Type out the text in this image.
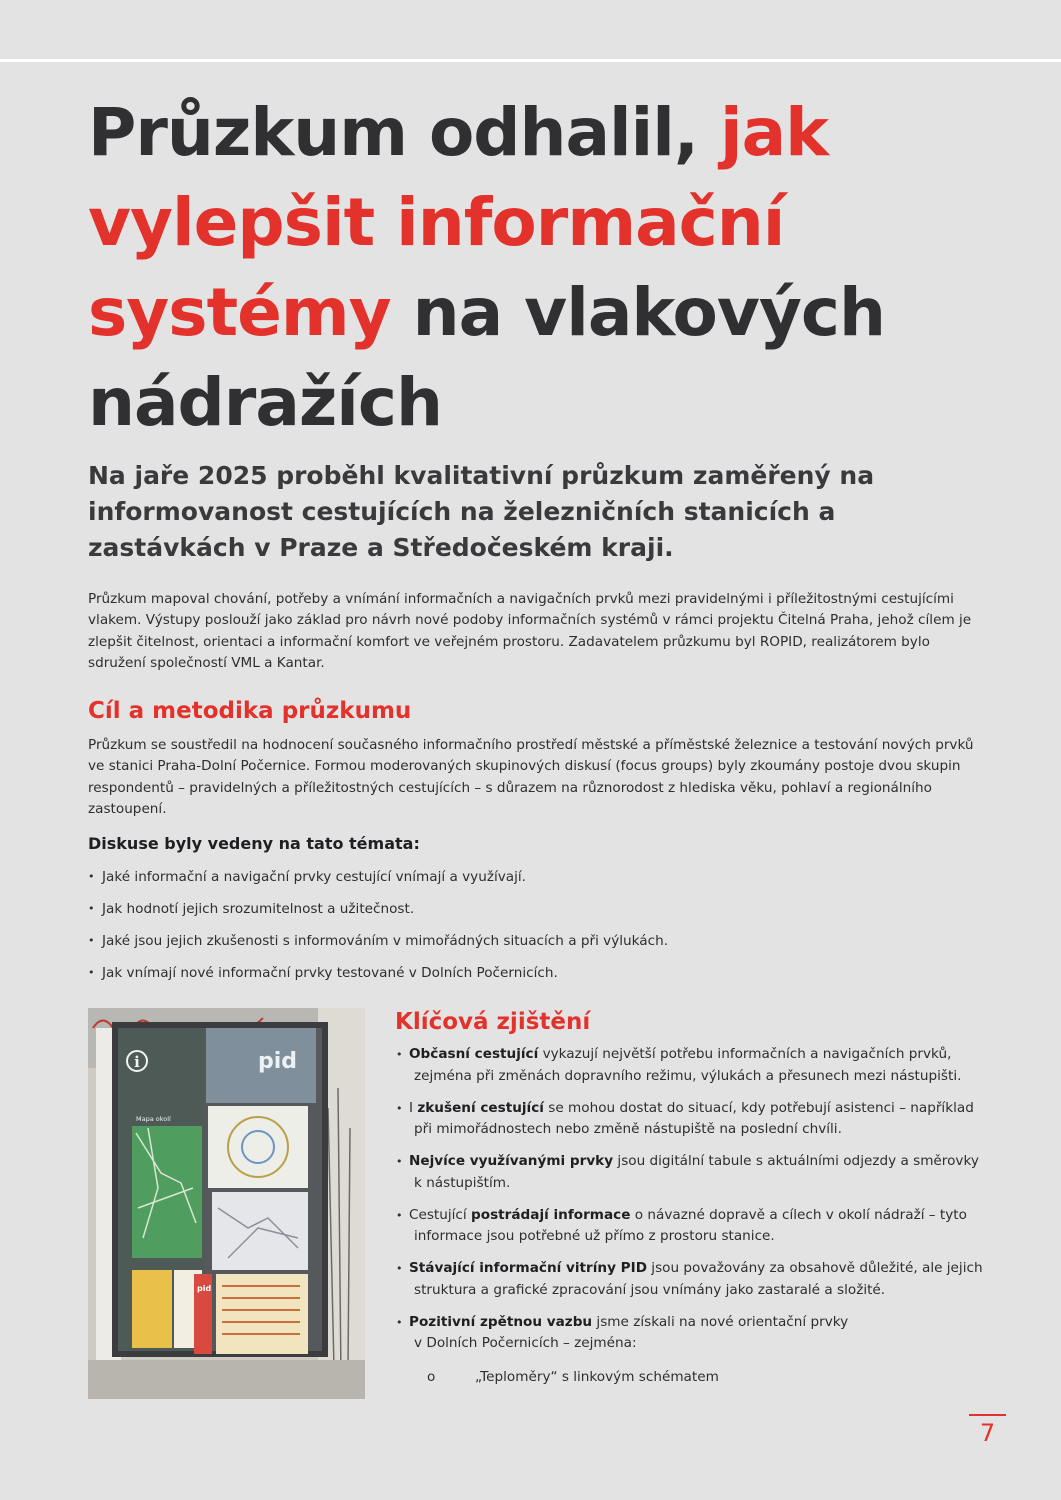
Průzkum odhalil, jak vylepšit informační systémy na vlakových nádražích

Na jaře 2025 proběhl kvalitativní průzkum zaměřený na informovanost cestujících na železničních stanicích a zastávkách v Praze a Středočeském kraji.

Průzkum mapoval chování, potřeby a vnímání informačních a navigačních prvků mezi pravidelnými i příležitostnými cestujícími vlakem. Výstupy poslouží jako základ pro návrh nové podoby informačních systémů v rámci projektu Čitelná Praha, jehož cílem je zlepšit čitelnost, orientaci a informační komfort ve veřejném prostoru. Zadavatelem průzkumu byl ROPID, realizátorem bylo sdružení společností VML a Kantar.

Cíl a metodika průzkumu

Průzkum se soustředil na hodnocení současného informačního prostředí městské a příměstské železnice a testování nových prvků ve stanici Praha-Dolní Počernice. Formou moderovaných skupinových diskusí (focus groups) byly zkoumány postoje dvou skupin respondentů – pravidelných a příležitostných cestujících – s důrazem na různorodost z hlediska věku, pohlaví a regionálního zastoupení.

Diskuse byly vedeny na tato témata:

• Jaké informační a navigační prvky cestující vnímají a využívají.
• Jak hodnotí jejich srozumitelnost a užitečnost.
• Jaké jsou jejich zkušenosti s informováním v mimořádných situacích a při výlukách.
• Jak vnímají nové informační prvky testované v Dolních Počernicích.
i
Mapa okolí
pid
pid
Klíčová zjištění
• Občasní cestující vykazují největší potřebu informačních a navigačních prvků,
zejména při změnách dopravního režimu, výlukách a přesunech mezi nástupišti.
• I zkušení cestující se mohou dostat do situací, kdy potřebují asistenci – například
při mimořádnostech nebo změně nástupiště na poslední chvíli.
• Nejvíce využívanými prvky jsou digitální tabule s aktuálními odjezdy a směrovky
k nástupištím.
• Cestující postrádají informace o návazné dopravě a cílech v okolí nádraží – tyto
informace jsou potřebné už přímo z prostoru stanice.
• Stávající informační vitríny PID jsou považovány za obsahově důležité, ale jejich
struktura a grafické zpracování jsou vnímány jako zastaralé a složité.
• Pozitivní zpětnou vazbu jsme získali na nové orientační prvky
v Dolních Počernicích – zejména:
o	„Teploměry“ s linkovým schématem
7
